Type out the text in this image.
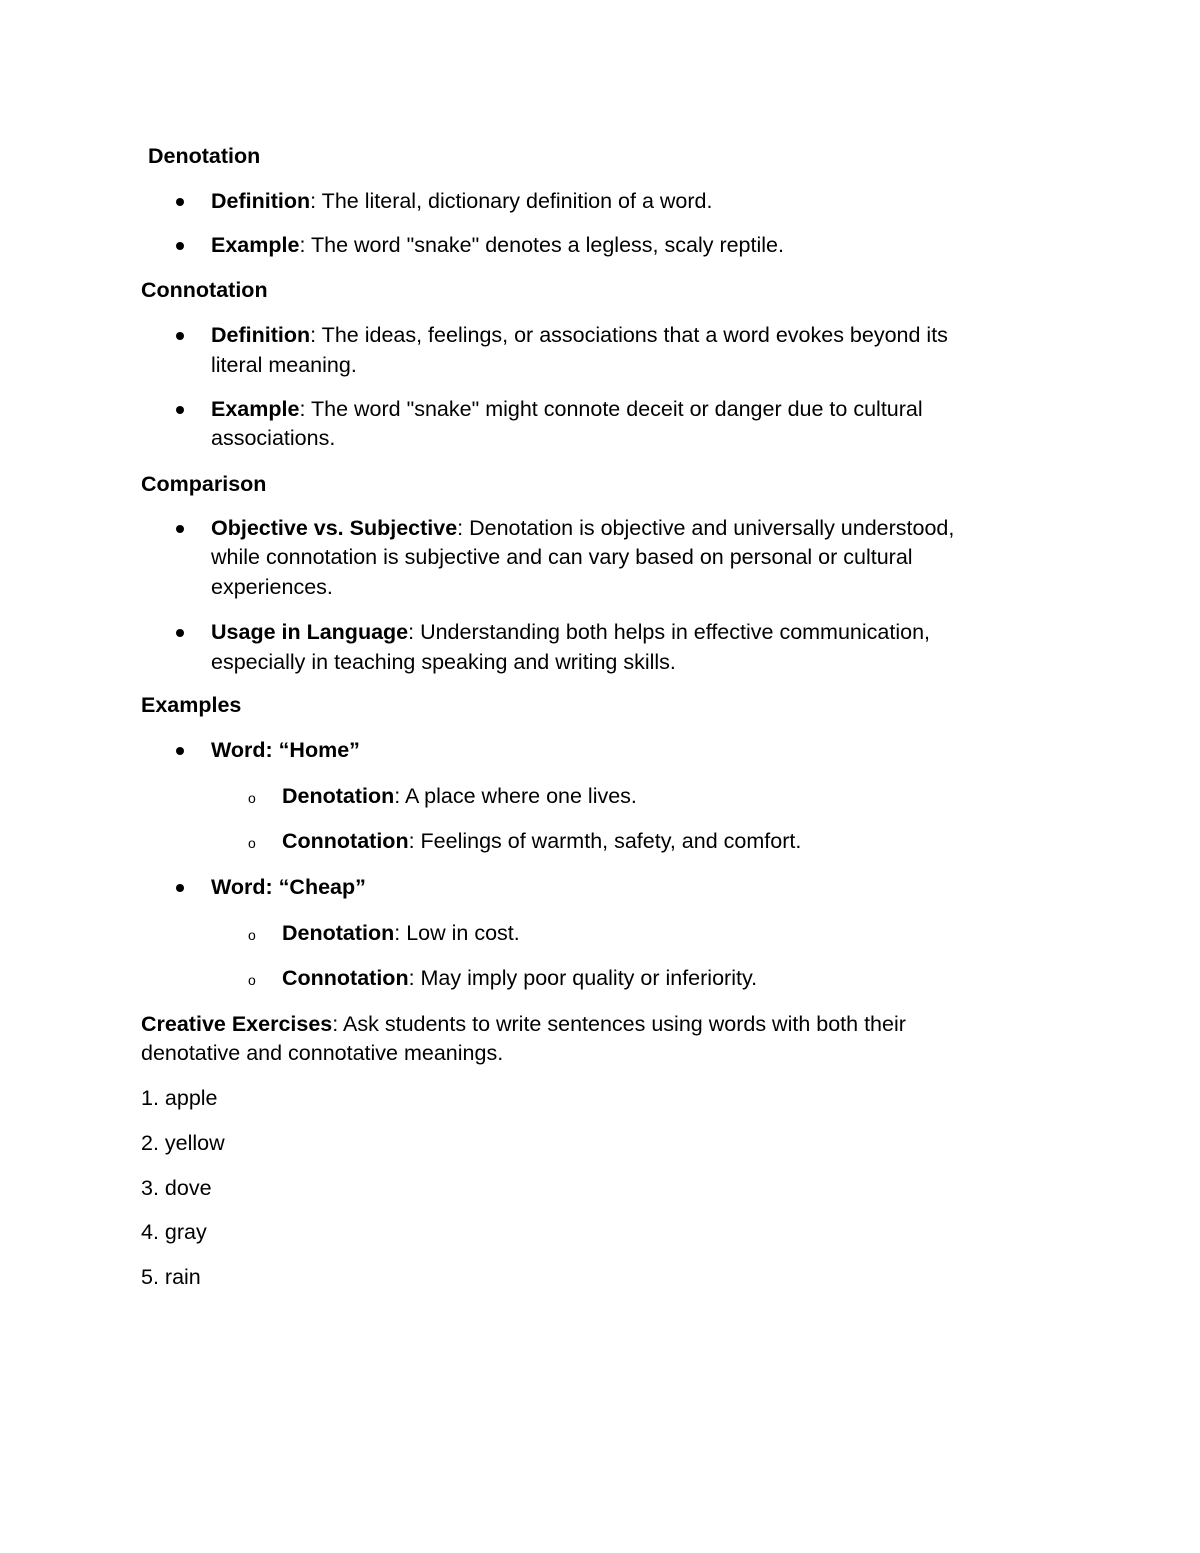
Denotation
Definition: The literal, dictionary definition of a word.
Example: The word "snake" denotes a legless, scaly reptile.
Connotation
Definition: The ideas, feelings, or associations that a word evokes beyond its
literal meaning.
Example: The word "snake" might connote deceit or danger due to cultural
associations.
Comparison
Objective vs. Subjective: Denotation is objective and universally understood,
while connotation is subjective and can vary based on personal or cultural
experiences.
Usage in Language: Understanding both helps in effective communication,
especially in teaching speaking and writing skills.
Examples
Word: “Home”
o Denotation: A place where one lives.
o Connotation: Feelings of warmth, safety, and comfort.
Word: “Cheap”
o Denotation: Low in cost.
o Connotation: May imply poor quality or inferiority.
Creative Exercises: Ask students to write sentences using words with both their
denotative and connotative meanings.
1. apple
2. yellow
3. dove
4. gray
5. rain
